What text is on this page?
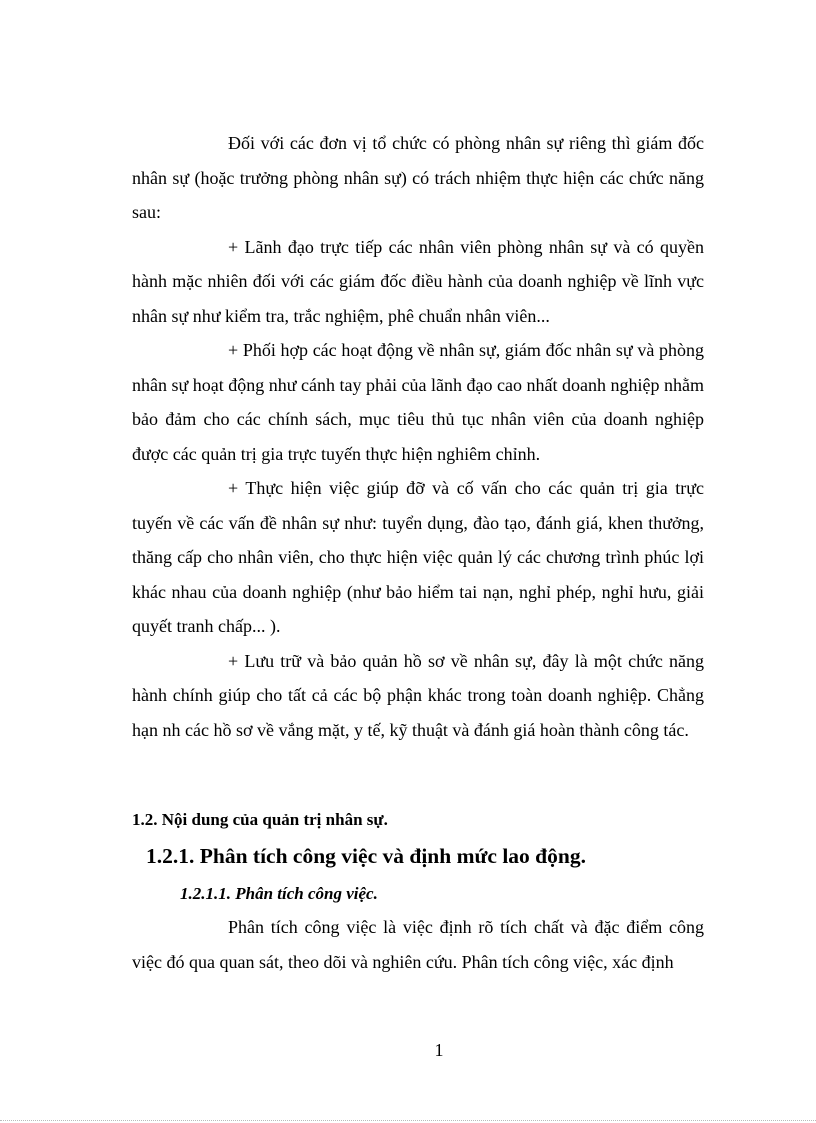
Đối với các đơn vị tổ chức có phòng nhân sự riêng thì giám đốc nhân sự (hoặc trưởng phòng nhân sự) có trách nhiệm thực hiện các chức năng sau:

+ Lãnh đạo trực tiếp các nhân viên phòng nhân sự và có quyền hành mặc nhiên đối với các giám đốc điều hành của doanh nghiệp về lĩnh vực nhân sự như kiểm tra, trắc nghiệm, phê chuẩn nhân viên...

+ Phối hợp các hoạt động về nhân sự, giám đốc nhân sự và phòng nhân sự hoạt động như cánh tay phải của lãnh đạo cao nhất doanh nghiệp nhằm bảo đảm cho các chính sách, mục tiêu thủ tục nhân viên của doanh nghiệp được các quản trị gia trực tuyến thực hiện nghiêm chỉnh.

+ Thực hiện việc giúp đỡ và cố vấn cho các quản trị gia trực tuyến về các vấn đề nhân sự như: tuyển dụng, đào tạo, đánh giá, khen thưởng, thăng cấp cho nhân viên, cho thực hiện việc quản lý các chương trình phúc lợi khác nhau của doanh nghiệp (như bảo hiểm tai nạn, nghỉ phép, nghỉ hưu, giải quyết tranh chấp... ).

+ Lưu trữ và bảo quản hồ sơ về nhân sự, đây là một chức năng hành chính giúp cho tất cả các bộ phận khác trong toàn doanh nghiệp. Chẳng hạn nh các hồ sơ về vắng mặt, y tế, kỹ thuật và đánh giá hoàn thành công tác.

1.2. Nội dung của quản trị nhân sự.
1.2.1. Phân tích công việc và định mức lao động.
1.2.1.1. Phân tích công việc.

Phân tích công việc là việc định rõ tích chất và đặc điểm công việc đó qua quan sát, theo dõi và nghiên cứu. Phân tích công việc, xác định

1
